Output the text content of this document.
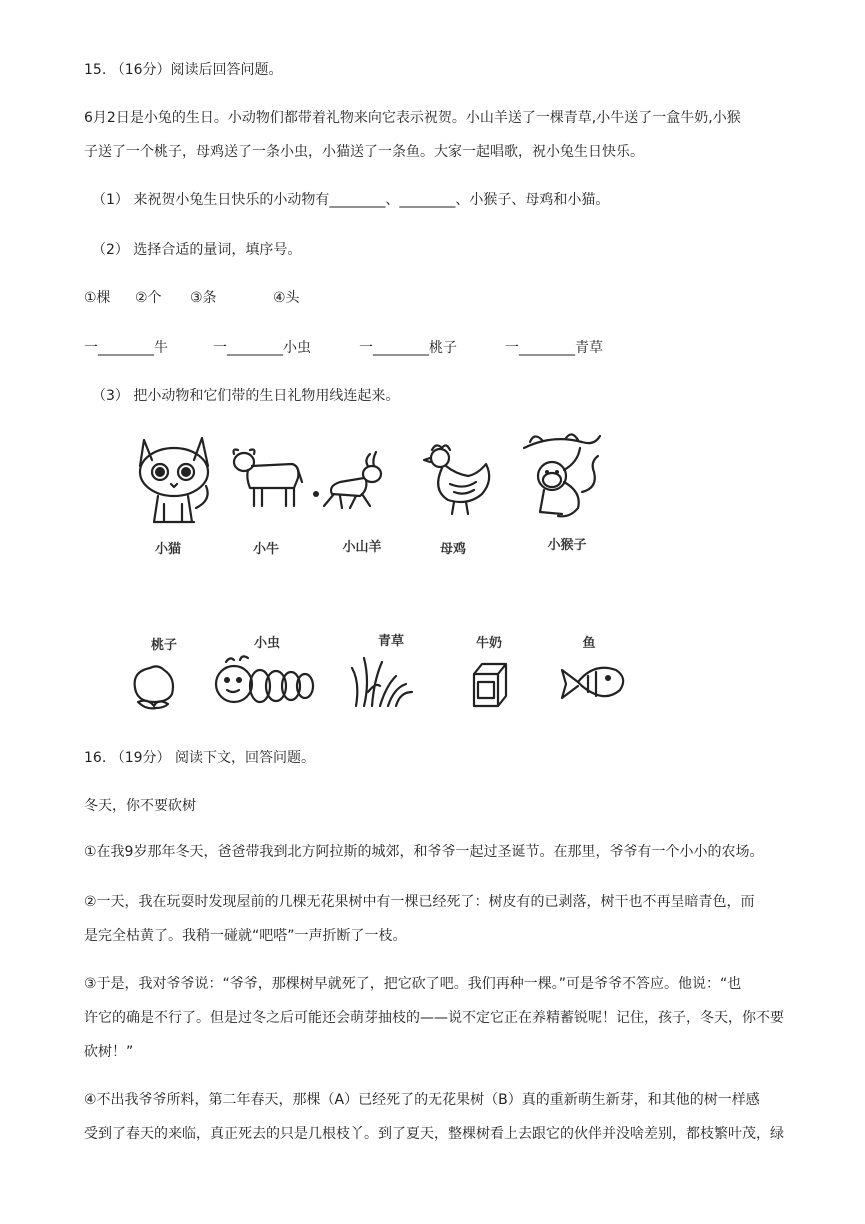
15. （16分）阅读后回答问题。
6月2日是小兔的生日。小动物们都带着礼物来向它表示祝贺。小山羊送了一棵青草,小牛送了一盒牛奶,小猴
子送了一个桃子，母鸡送了一条小虫，小猫送了一条鱼。大家一起唱歌，祝小兔生日快乐。
（1） 来祝贺小兔生日快乐的小动物有________、________、小猴子、母鸡和小猫。
（2） 选择合适的量词，填序号。
①棵 ②个 ③条	④头
一________牛	一________小虫	一________桃子	一________青草
（3） 把小动物和它们带的生日礼物用线连起来。
小猫	小牛	小山羊	母鸡	小猴子
桃子	小虫	青草	牛奶	鱼
16. （19分） 阅读下文，回答问题。
冬天，你不要砍树
①在我9岁那年冬天，爸爸带我到北方阿拉斯的城郊，和爷爷一起过圣诞节。在那里，爷爷有一个小小的农场。
②一天，我在玩耍时发现屋前的几棵无花果树中有一棵已经死了：树皮有的已剥落，树干也不再呈暗青色，而
是完全枯黄了。我稍一碰就“吧嗒”一声折断了一枝。
③于是，我对爷爷说：“爷爷，那棵树早就死了，把它砍了吧。我们再种一棵。”可是爷爷不答应。他说：“也
许它的确是不行了。但是过冬之后可能还会萌芽抽枝的——说不定它正在养精蓄锐呢！记住，孩子，冬天，你不要
砍树！”
④不出我爷爷所料，第二年春天，那棵（A）已经死了的无花果树（B）真的重新萌生新芽，和其他的树一样感
受到了春天的来临，真正死去的只是几根枝丫。到了夏天，整棵树看上去跟它的伙伴并没啥差别，都枝繁叶茂，绿
